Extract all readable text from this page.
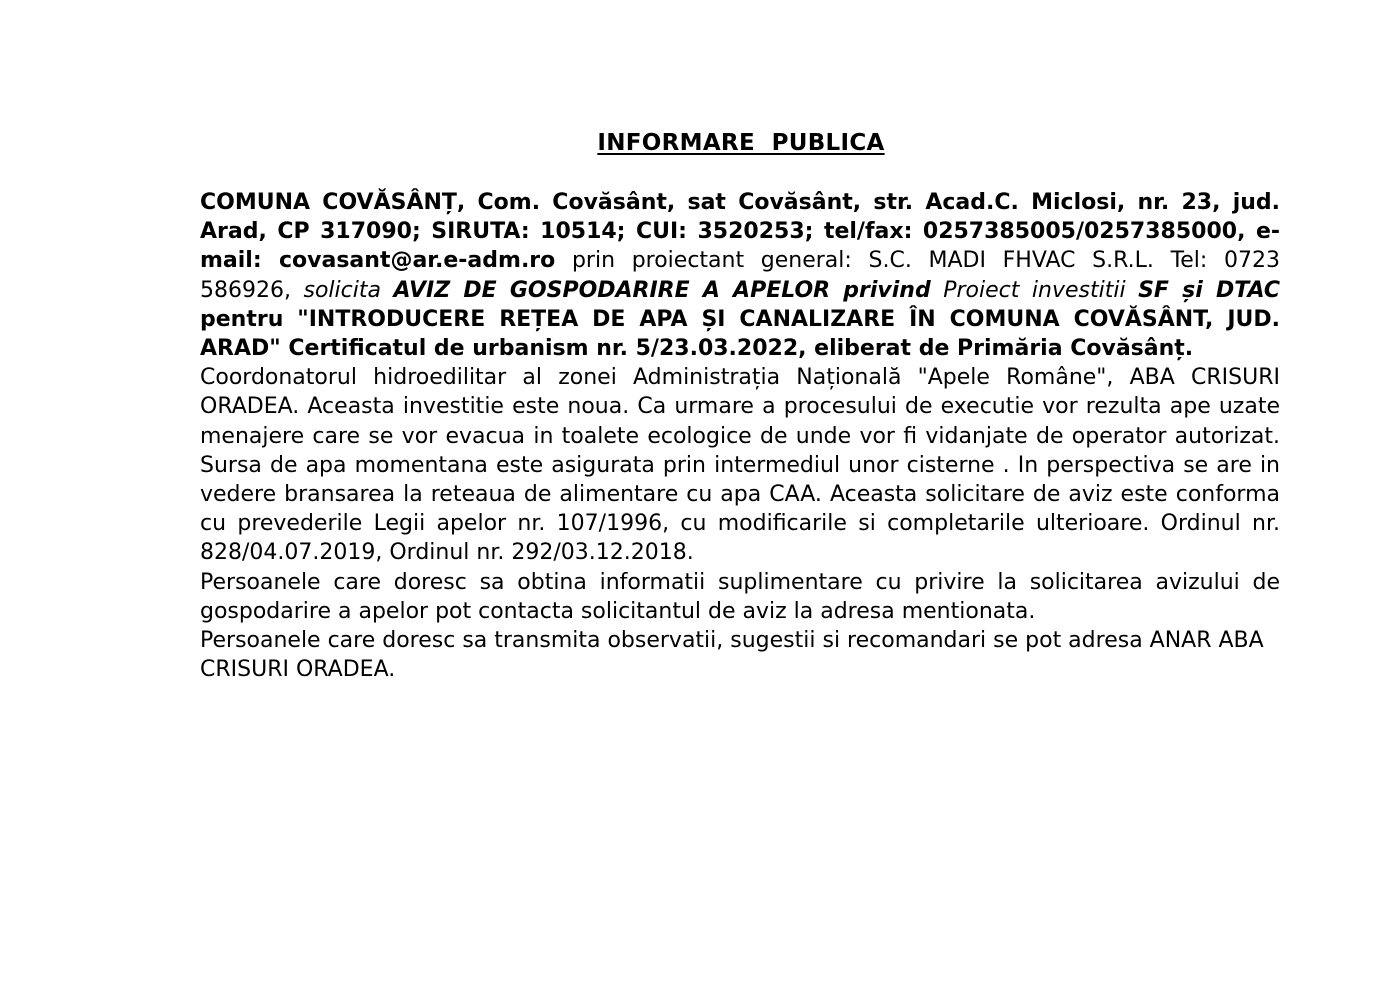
INFORMARE  PUBLICA

COMUNA COVĂSÂNȚ, Com. Covăsânt, sat Covăsânt, str. Acad.C. Miclosi, nr. 23, jud. Arad, CP 317090; SIRUTA: 10514; CUI: 3520253; tel/fax: 0257385005/0257385000, e-mail: covasant@ar.e-adm.ro prin proiectant general: S.C. MADI FHVAC S.R.L. Tel: 0723 586926, solicita AVIZ DE GOSPODARIRE A APELOR privind Proiect investitii SF și DTAC pentru "INTRODUCERE REȚEA DE APA ȘI CANALIZARE ÎN COMUNA COVĂSÂNT, JUD. ARAD" Certificatul de urbanism nr. 5/23.03.2022, eliberat de Primăria Covăsânț.

Coordonatorul hidroedilitar al zonei Administrația Națională "Apele Române", ABA CRISURI ORADEA. Aceasta investitie este noua. Ca urmare a procesului de executie vor rezulta ape uzate menajere care se vor evacua in toalete ecologice de unde vor fi vidanjate de operator autorizat. Sursa de apa momentana este asigurata prin intermediul unor cisterne . In perspectiva se are in vedere bransarea la reteaua de alimentare cu apa CAA. Aceasta solicitare de aviz este conforma cu prevederile Legii apelor nr. 107/1996, cu modificarile si completarile ulterioare. Ordinul nr. 828/04.07.2019, Ordinul nr. 292/03.12.2018.

Persoanele care doresc sa obtina informatii suplimentare cu privire la solicitarea avizului de gospodarire a apelor pot contacta solicitantul de aviz la adresa mentionata.

Persoanele care doresc sa transmita observatii, sugestii si recomandari se pot adresa ANAR ABA CRISURI ORADEA.
